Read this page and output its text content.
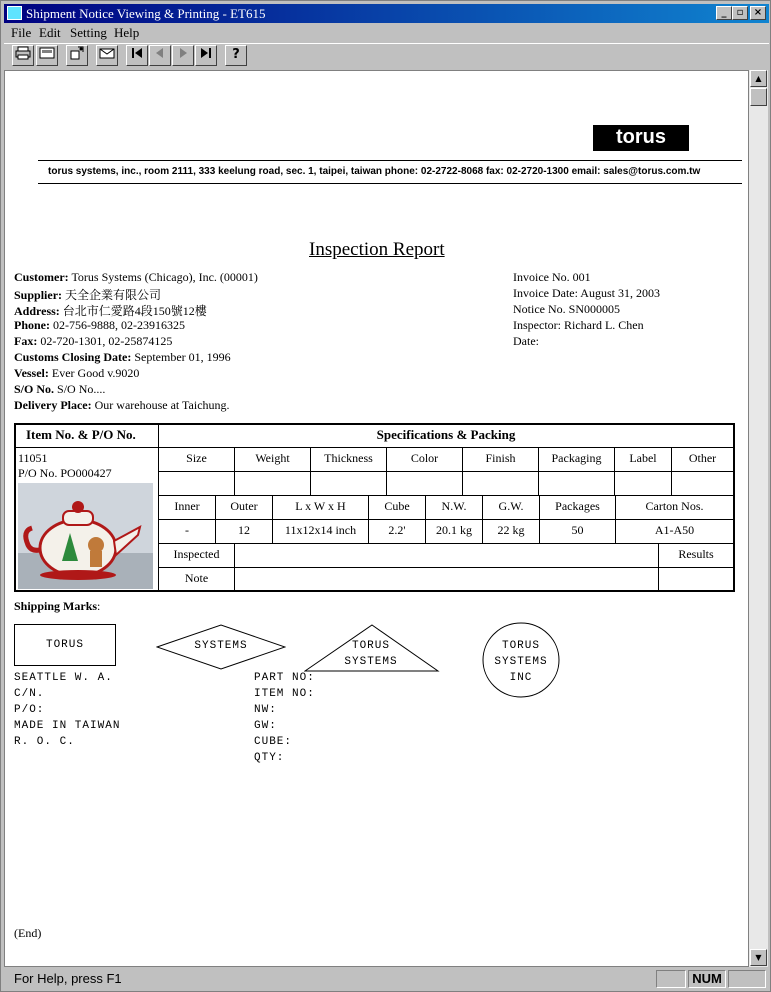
Shipment Notice Viewing & Printing - ET615	_	▫	×
File Edit Setting Help
?
torus
torus systems, inc., room 2111, 333 keelung road, sec. 1, taipei, taiwan phone: 02-2722-8068 fax: 02-2720-1300 email: sales@torus.com.tw
Inspection Report
Customer: Torus Systems (Chicago), Inc. (00001)
Supplier: 天全企業有限公司
Address: 台北市仁愛路4段150號12樓
Phone: 02-756-9888, 02-23916325
Fax: 02-720-1301, 02-25874125
Customs Closing Date: September 01, 1996
Vessel: Ever Good v.9020
S/O No. S/O No....
Delivery Place: Our warehouse at Taichung.
Invoice No. 001
Invoice Date: August 31, 2003
Notice No. SN000005
Inspector: Richard L. Chen
Date:
Item No. & P/O No.	Specifications & Packing
11051
P/O No. PO000427
Size	Weight	Thickness	Color	Finish	Packaging	Label	Other
Inner	Outer	L x W x H	Cube	N.W.	G.W.	Packages	Carton Nos.
-	12	11x12x14 inch	2.2'	20.1 kg	22 kg	50	A1-A50
Inspected	Results
Note
Shipping Marks:
TORUS	SYSTEMS	TORUS
SYSTEMS
TORUS
SYSTEMS
INC
SEATTLE W. A.
C/N.
P/O:
MADE IN TAIWAN
R. O. C.
PART NO:
ITEM NO:
NW:
GW:
CUBE:
QTY:
(End)
▲
▼
For Help, press F1	NUM
